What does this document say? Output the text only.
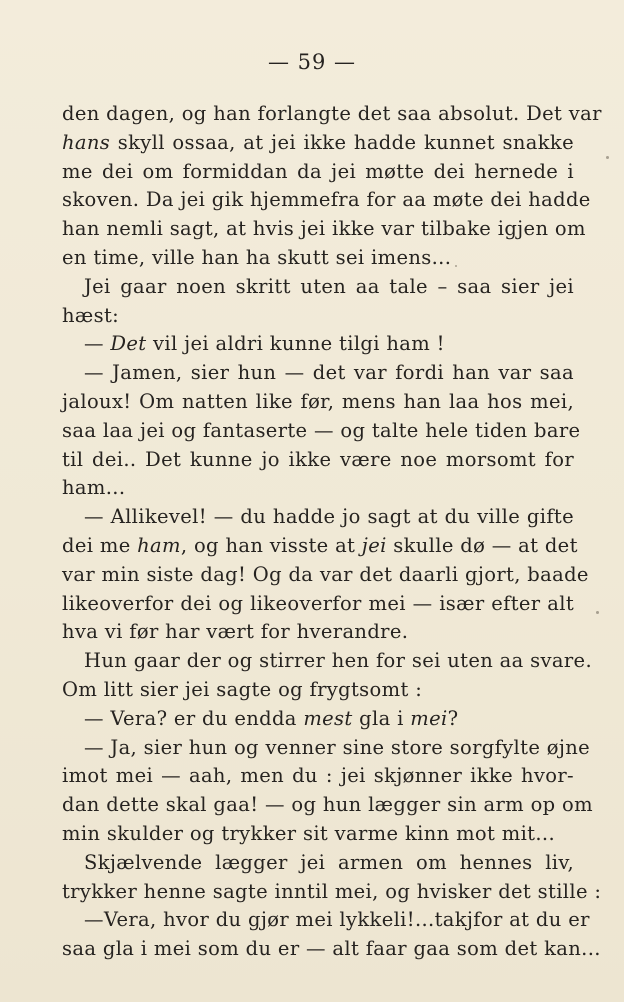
— 59 —
den dagen, og han forlangte det saa absolut. Det var
hans skyll ossaa, at jei ikke hadde kunnet snakke
me dei om formiddan da jei møtte dei hernede i
skoven. Da jei gik hjemmefra for aa møte dei hadde
han nemli sagt, at hvis jei ikke var tilbake igjen om
en time, ville han ha skutt sei imens...
Jei gaar noen skritt uten aa tale – saa sier jei
hæst:
— Det vil jei aldri kunne tilgi ham !
— Jamen, sier hun — det var fordi han var saa
jaloux! Om natten like før, mens han laa hos mei,
saa laa jei og fantaserte — og talte hele tiden bare
til dei.. Det kunne jo ikke være noe morsomt for
ham...
— Allikevel! — du hadde jo sagt at du ville gifte
dei me ham, og han visste at jei skulle dø — at det
var min siste dag! Og da var det daarli gjort, baade
likeoverfor dei og likeoverfor mei — især efter alt
hva vi før har vært for hverandre.
Hun gaar der og stirrer hen for sei uten aa svare.
Om litt sier jei sagte og frygtsomt :
— Vera? er du endda mest gla i mei?
— Ja, sier hun og venner sine store sorgfylte øjne
imot mei — aah, men du : jei skjønner ikke hvor-
dan dette skal gaa! — og hun lægger sin arm op om
min skulder og trykker sit varme kinn mot mit...
Skjælvende lægger jei armen om hennes liv,
trykker henne sagte inntil mei, og hvisker det stille :
—Vera, hvor du gjør mei lykkeli!...takjfor at du er
saa gla i mei som du er — alt faar gaa som det kan...
